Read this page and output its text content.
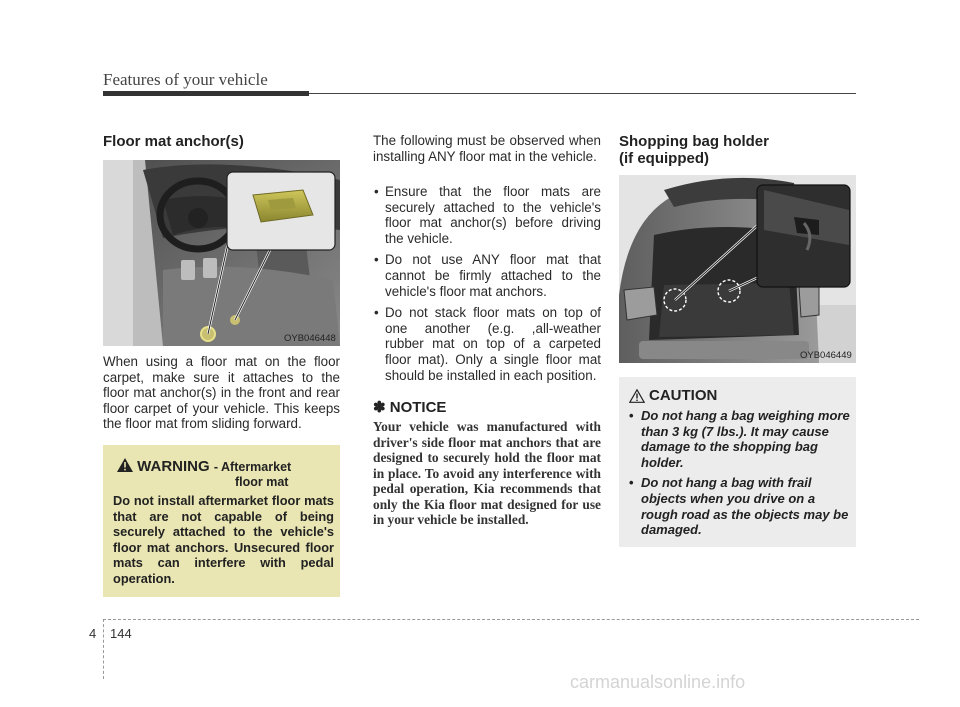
Features of your vehicle
Floor mat anchor(s)
OYB046448

When using a floor mat on the floor carpet, make sure it attaches to the floor mat anchor(s) in the front and rear floor carpet of your vehicle. This keeps the floor mat from sliding forward.

WARNING - Aftermarket
floor mat
Do not install aftermarket floor mats that are not capable of being securely attached to the vehicle's floor mat anchors. Unsecured floor mats can interfere with pedal operation.

The following must be observed when installing ANY floor mat in the vehicle.

• Ensure that the floor mats are securely attached to the vehicle's floor mat anchor(s) before driving the vehicle.
• Do not use ANY floor mat that cannot be firmly attached to the vehicle's floor mat anchors.
• Do not stack floor mats on top of one another (e.g. ,all-weather rubber mat on top of a carpeted floor mat). Only a single floor mat should be installed in each position.
✽ NOTICE
Your vehicle was manufactured with driver's side floor mat anchors that are designed to securely hold the floor mat in place. To avoid any interference with pedal operation, Kia recommends that only the Kia floor mat designed for use in your vehicle be installed.
Shopping bag holder
(if equipped)
OYB046449
CAUTION
• Do not hang a bag weighing more than 3 kg (7 lbs.). It may cause damage to the shopping bag holder.
• Do not hang a bag with frail objects when you drive on a rough road as the objects may be damaged.
4 144
carmanualsonline.info
